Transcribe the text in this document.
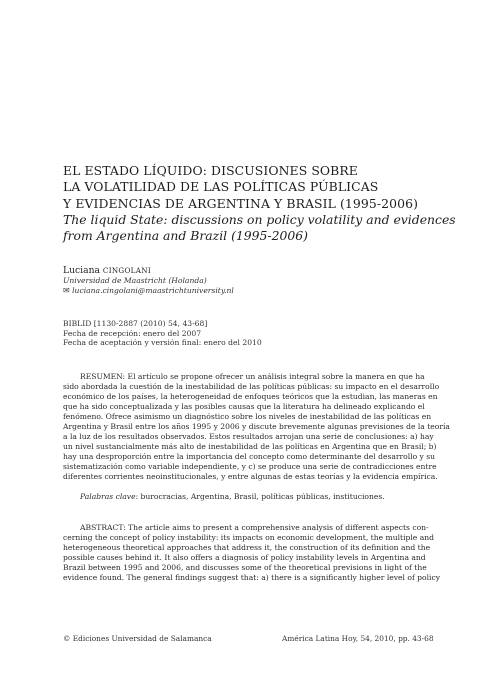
EL ESTADO LÍQUIDO: DISCUSIONES SOBRE
LA VOLATILIDAD DE LAS POLÍTICAS PÚBLICAS
Y EVIDENCIAS DE ARGENTINA Y BRASIL (1995-2006)
The liquid State: discussions on policy volatility and evidences
from Argentina and Brazil (1995-2006)
Luciana CINGOLANI
Universidad de Maastricht (Holanda)
✉ luciana.cingolani@maastrichtuniversity.nl
BIBLID [1130-2887 (2010) 54, 43-68]
Fecha de recepción: enero del 2007
Fecha de aceptación y versión final: enero del 2010
RESUMEN: El artículo se propone ofrecer un análisis integral sobre la manera en que ha
sido abordada la cuestión de la inestabilidad de las políticas públicas: su impacto en el desarrollo
económico de los países, la heterogeneidad de enfoques teóricos que la estudian, las maneras en
que ha sido conceptualizada y las posibles causas que la literatura ha delineado explicando el
fenómeno. Ofrece asimismo un diagnóstico sobre los niveles de inestabilidad de las políticas en
Argentina y Brasil entre los años 1995 y 2006 y discute brevemente algunas previsiones de la teoría
a la luz de los resultados observados. Estos resultados arrojan una serie de conclusiones: a) hay
un nivel sustancialmente más alto de inestabilidad de las políticas en Argentina que en Brasil; b)
hay una desproporción entre la importancia del concepto como determinante del desarrollo y su
sistematización como variable independiente, y c) se produce una serie de contradicciones entre
diferentes corrientes neoinstitucionales, y entre algunas de estas teorías y la evidencia empírica.
Palabras clave: burocracias, Argentina, Brasil, políticas públicas, instituciones.
ABSTRACT: The article aims to present a comprehensive analysis of different aspects con-
cerning the concept of policy instability: its impacts on economic development, the multiple and
heterogeneous theoretical approaches that address it, the construction of its definition and the
possible causes behind it. It also offers a diagnosis of policy instability levels in Argentina and
Brazil between 1995 and 2006, and discusses some of the theoretical previsions in light of the
evidence found. The general findings suggest that: a) there is a significantly higher level of policy
© Ediciones Universidad de Salamanca	América Latina Hoy, 54, 2010, pp. 43-68
